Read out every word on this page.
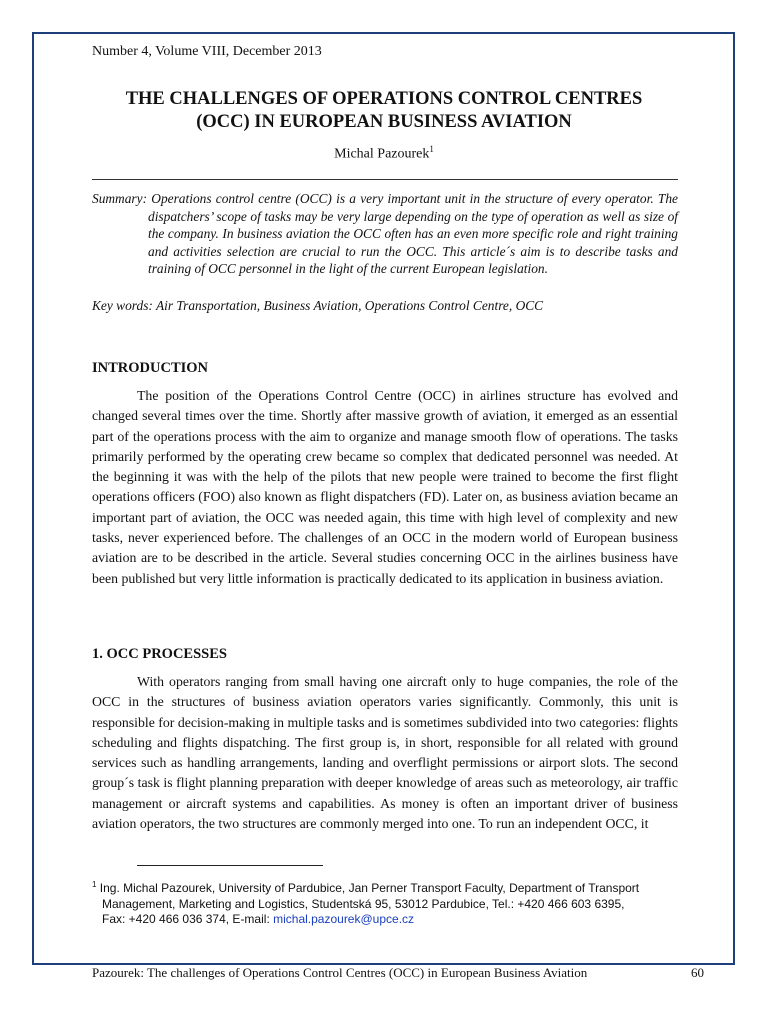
Number 4, Volume VIII, December 2013
THE CHALLENGES OF OPERATIONS CONTROL CENTRES
(OCC) IN EUROPEAN BUSINESS AVIATION
Michal Pazourek$^1$
Summary: Operations control centre (OCC) is a very important unit in the structure of every operator. The dispatchers’ scope of tasks may be very large depending on the type of operation as well as size of the company. In business aviation the OCC often has an even more specific role and right training and activities selection are crucial to run the OCC. This article´s aim is to describe tasks and training of OCC personnel in the light of the current European legislation.
Key words: Air Transportation, Business Aviation, Operations Control Centre, OCC
INTRODUCTION

The position of the Operations Control Centre (OCC) in airlines structure has evolved and changed several times over the time. Shortly after massive growth of aviation, it emerged as an essential part of the operations process with the aim to organize and manage smooth flow of operations. The tasks primarily performed by the operating crew became so complex that dedicated personnel was needed. At the beginning it was with the help of the pilots that new people were trained to become the first flight operations officers (FOO) also known as flight dispatchers (FD). Later on, as business aviation became an important part of aviation, the OCC was needed again, this time with high level of complexity and new tasks, never experienced before. The challenges of an OCC in the modern world of European business aviation are to be described in the article. Several studies concerning OCC in the airlines business have been published but very little information is practically dedicated to its application in business aviation.

1. OCC PROCESSES

With operators ranging from small having one aircraft only to huge companies, the role of the OCC in the structures of business aviation operators varies significantly. Commonly, this unit is responsible for decision-making in multiple tasks and is sometimes subdivided into two categories: flights scheduling and flights dispatching. The first group is, in short, responsible for all related with ground services such as handling arrangements, landing and overflight permissions or airport slots. The second group´s task is flight planning preparation with deeper knowledge of areas such as meteorology, air traffic management or aircraft systems and capabilities. As money is often an important driver of business aviation operators, the two structures are commonly merged into one. To run an independent OCC, it

$^1$ Ing. Michal Pazourek, University of Pardubice, Jan Perner Transport Faculty, Department of Transport
Management, Marketing and Logistics, Studentská 95, 53012 Pardubice, Tel.: +420 466 603 6395,
Fax: +420 466 036 374, E-mail: michal.pazourek@upce.cz
Pazourek: The challenges of Operations Control Centres (OCC) in European Business Aviation	60
